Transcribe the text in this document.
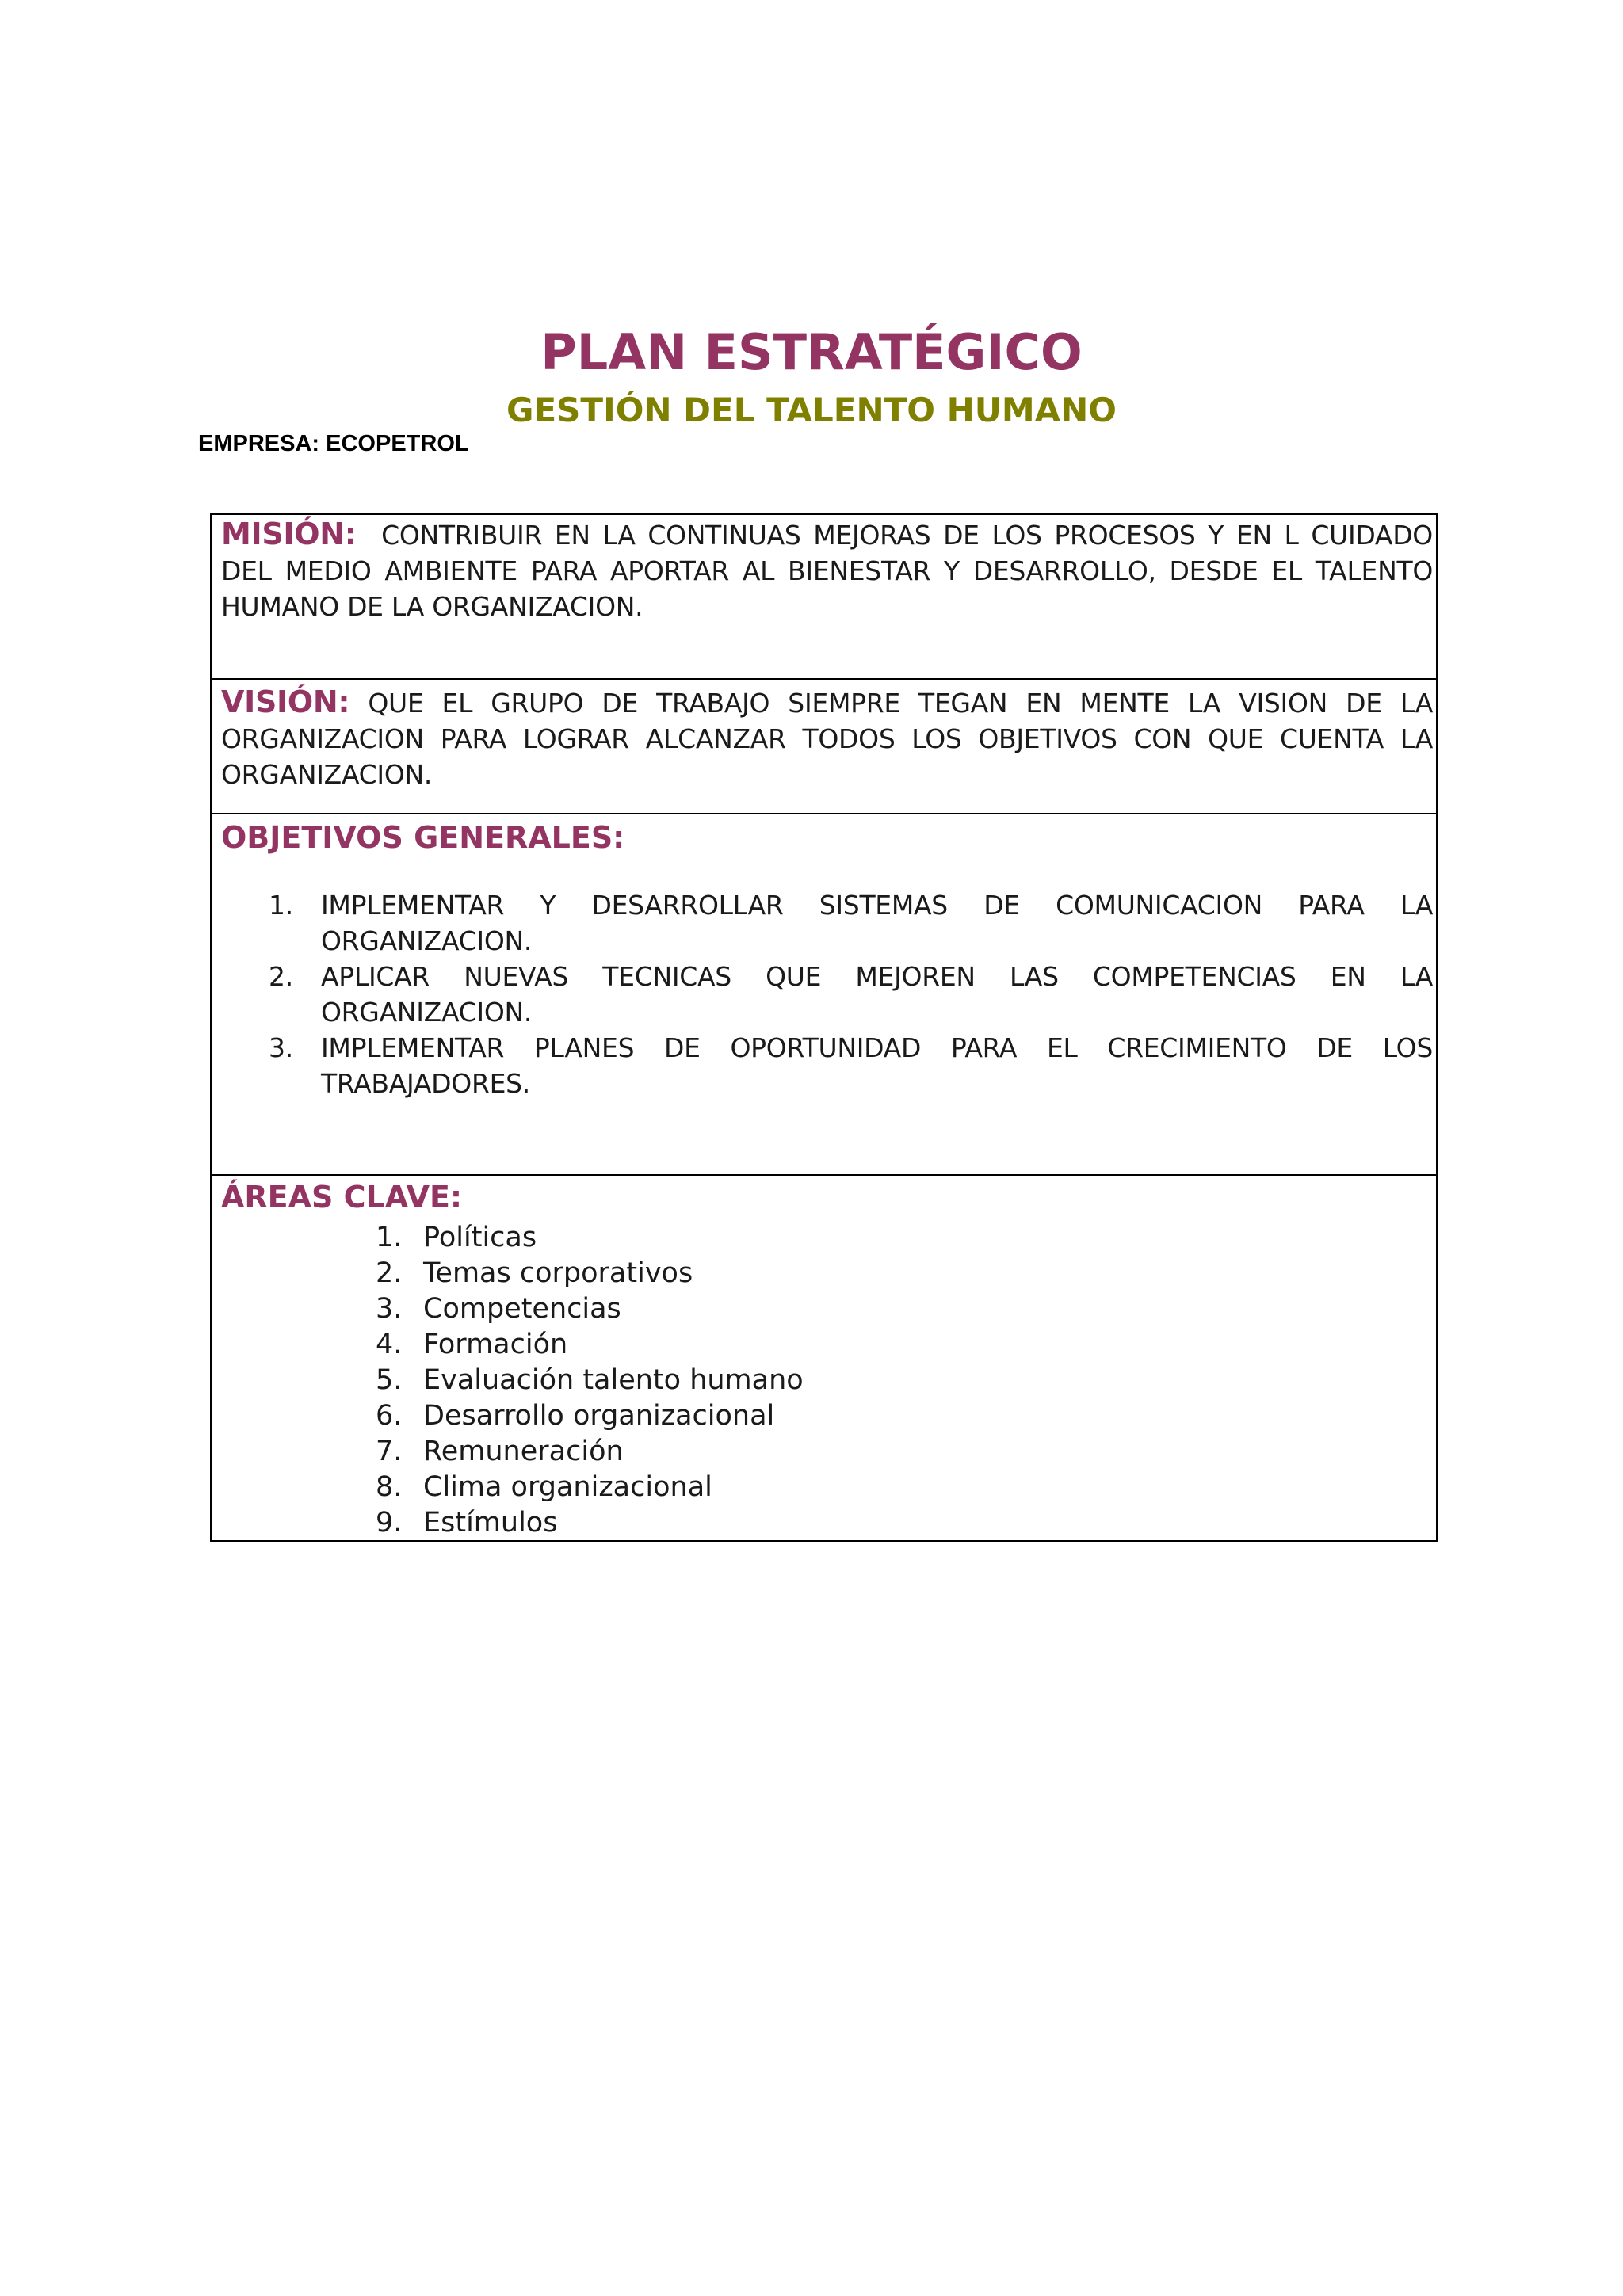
PLAN ESTRATÉGICO
GESTIÓN DEL TALENTO HUMANO
EMPRESA: ECOPETROL

MISIÓN: CONTRIBUIR EN LA CONTINUAS MEJORAS DE LOS PROCESOS Y EN L CUIDADO DEL MEDIO AMBIENTE PARA APORTAR AL BIENESTAR Y DESARROLLO, DESDE EL TALENTO HUMANO DE LA ORGANIZACION.

VISIÓN: QUE EL GRUPO DE TRABAJO SIEMPRE TEGAN EN MENTE LA VISION DE LA ORGANIZACION PARA LOGRAR ALCANZAR TODOS LOS OBJETIVOS CON QUE CUENTA LA ORGANIZACION.

OBJETIVOS GENERALES:

1.	IMPLEMENTAR Y DESARROLLAR SISTEMAS DE COMUNICACION PARA LA ORGANIZACION.
2.	APLICAR NUEVAS TECNICAS QUE MEJOREN LAS COMPETENCIAS EN LA ORGANIZACION.
3.	IMPLEMENTAR PLANES DE OPORTUNIDAD PARA EL CRECIMIENTO DE LOS TRABAJADORES.

ÁREAS CLAVE:

1. Políticas
2. Temas corporativos
3. Competencias
4. Formación
5. Evaluación talento humano
6. Desarrollo organizacional
7. Remuneración
8. Clima organizacional
9. Estímulos
